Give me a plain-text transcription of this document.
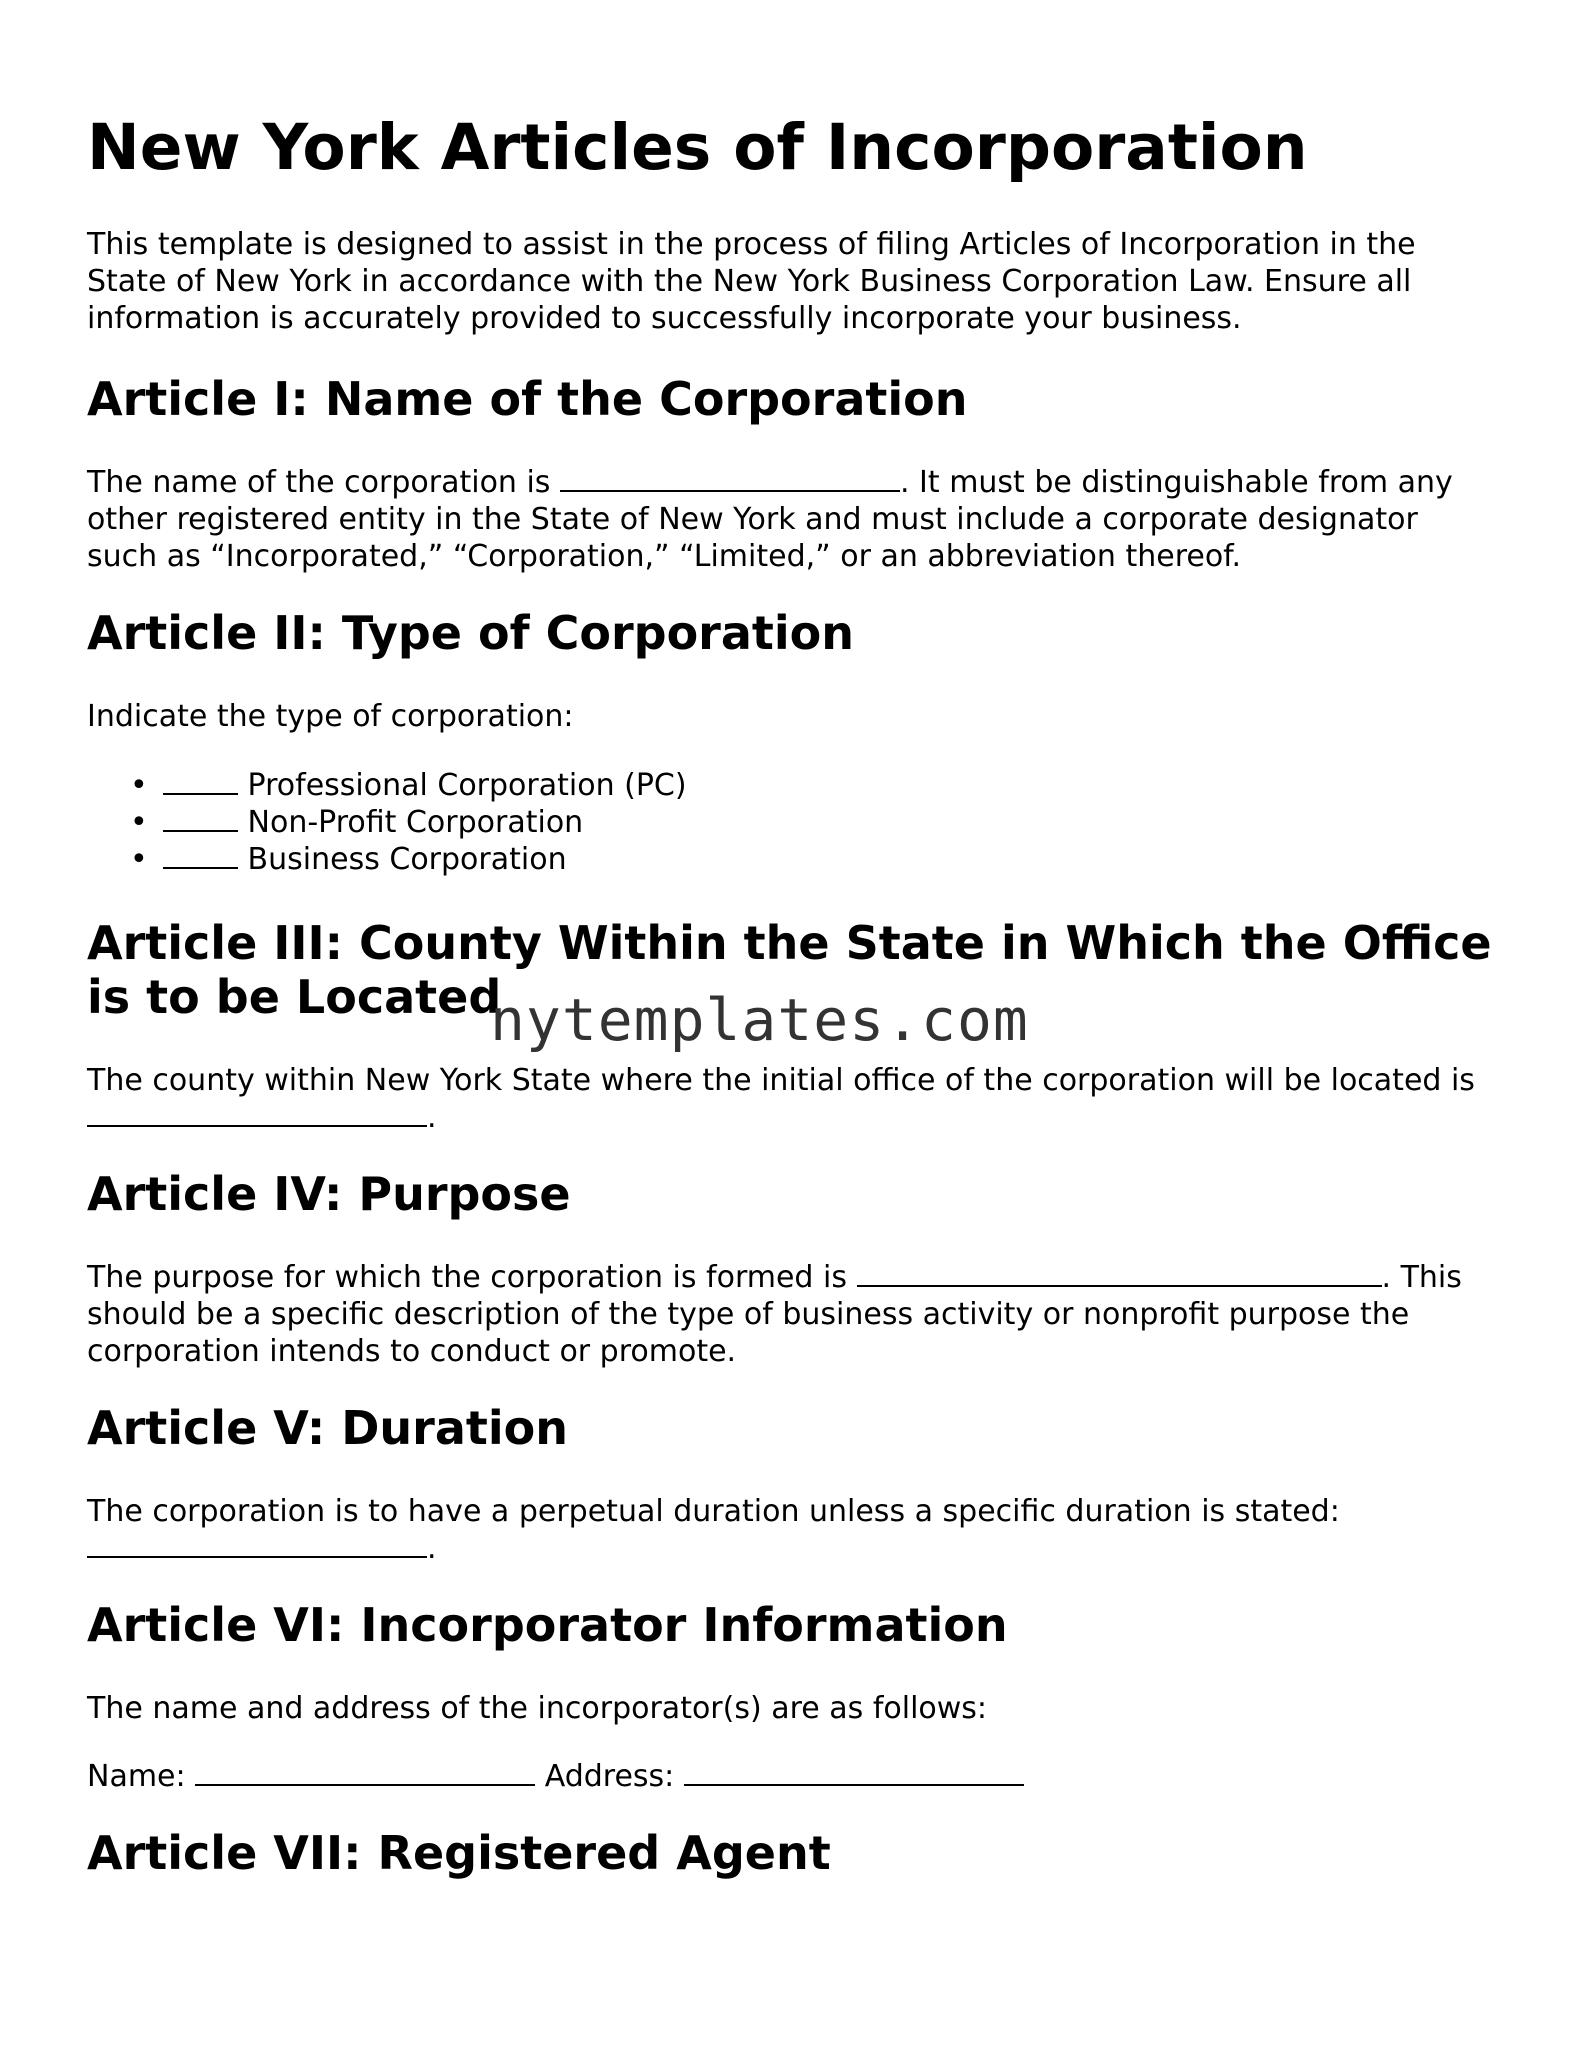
New York Articles of Incorporation

This template is designed to assist in the process of filing Articles of Incorporation in the State of New York in accordance with the New York Business Corporation Law. Ensure all information is accurately provided to successfully incorporate your business.

Article I: Name of the Corporation

The name of the corporation is	. It must be distinguishable from any other registered entity in the State of New York and must include a corporate designator such as “Incorporated,” “Corporation,” “Limited,” or an abbreviation thereof.

Article II: Type of Corporation

Indicate the type of corporation:

•	Professional Corporation (PC)
•	Non-Profit Corporation
•	Business Corporation
Article III: County Within the State in Which the Office is to be Located

The county within New York State where the initial office of the corporation will be located is .

Article IV: Purpose

The purpose for which the corporation is formed is	. This should be a specific description of the type of business activity or nonprofit purpose the corporation intends to conduct or promote.

Article V: Duration

The corporation is to have a perpetual duration unless a specific duration is stated: .

Article VI: Incorporator Information

The name and address of the incorporator(s) are as follows:

Name:	Address:

Article VII: Registered Agent
nytemplates.com
